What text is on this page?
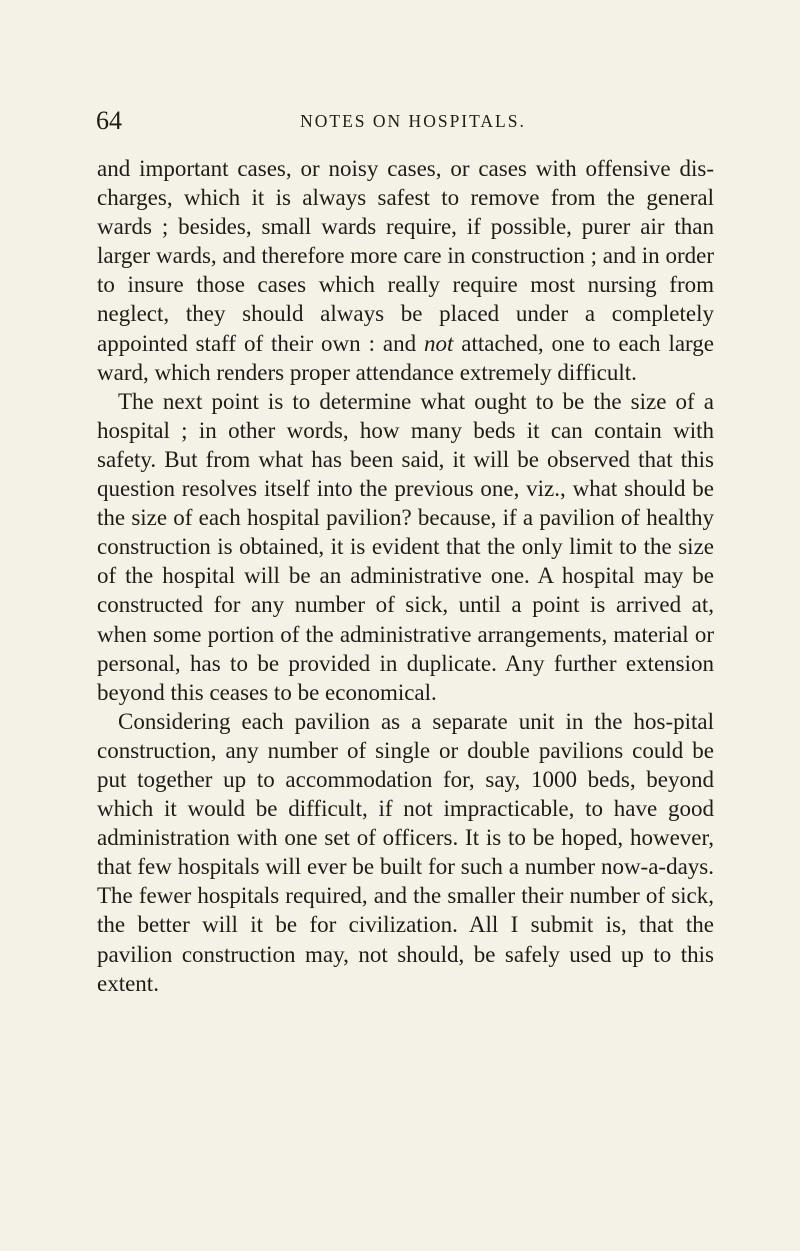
64	NOTES ON HOSPITALS.

and important cases, or noisy cases, or cases with offensive dis-charges, which it is always safest to remove from the general wards ; besides, small wards require, if possible, purer air than larger wards, and therefore more care in construction ; and in order to insure those cases which really require most nursing from neglect, they should always be placed under a completely appointed staff of their own : and not attached, one to each large ward, which renders proper attendance extremely difficult.

The next point is to determine what ought to be the size of a hospital ; in other words, how many beds it can contain with safety. But from what has been said, it will be observed that this question resolves itself into the previous one, viz., what should be the size of each hospital pavilion? because, if a pavilion of healthy construction is obtained, it is evident that the only limit to the size of the hospital will be an administrative one. A hospital may be constructed for any number of sick, until a point is arrived at, when some portion of the administrative arrangements, material or personal, has to be provided in duplicate. Any further extension beyond this ceases to be economical.

Considering each pavilion as a separate unit in the hos-pital construction, any number of single or double pavilions could be put together up to accommodation for, say, 1000 beds, beyond which it would be difficult, if not impracticable, to have good administration with one set of officers. It is to be hoped, however, that few hospitals will ever be built for such a number now-a-days. The fewer hospitals required, and the smaller their number of sick, the better will it be for civilization. All I submit is, that the pavilion construction may, not should, be safely used up to this extent.
